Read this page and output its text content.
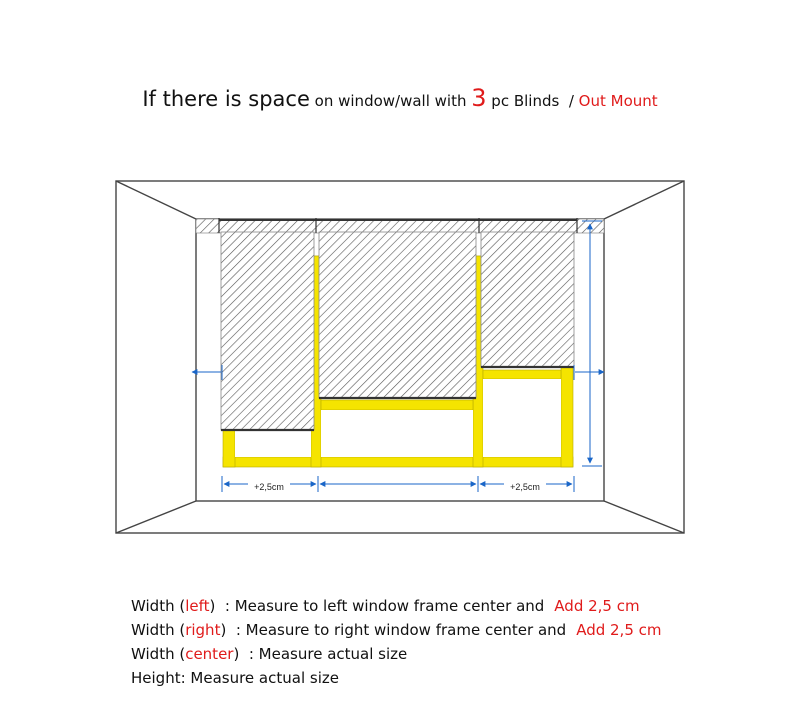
If there is space on window/wall with 3 pc Blinds  / Out Mount
+2,5cm	+2,5cm
Width (left)  : Measure to left window frame center and Add 2,5 cm
Width (right)  : Measure to right window frame center and Add 2,5 cm
Width (center)  : Measure actual size
Height: Measure actual size
